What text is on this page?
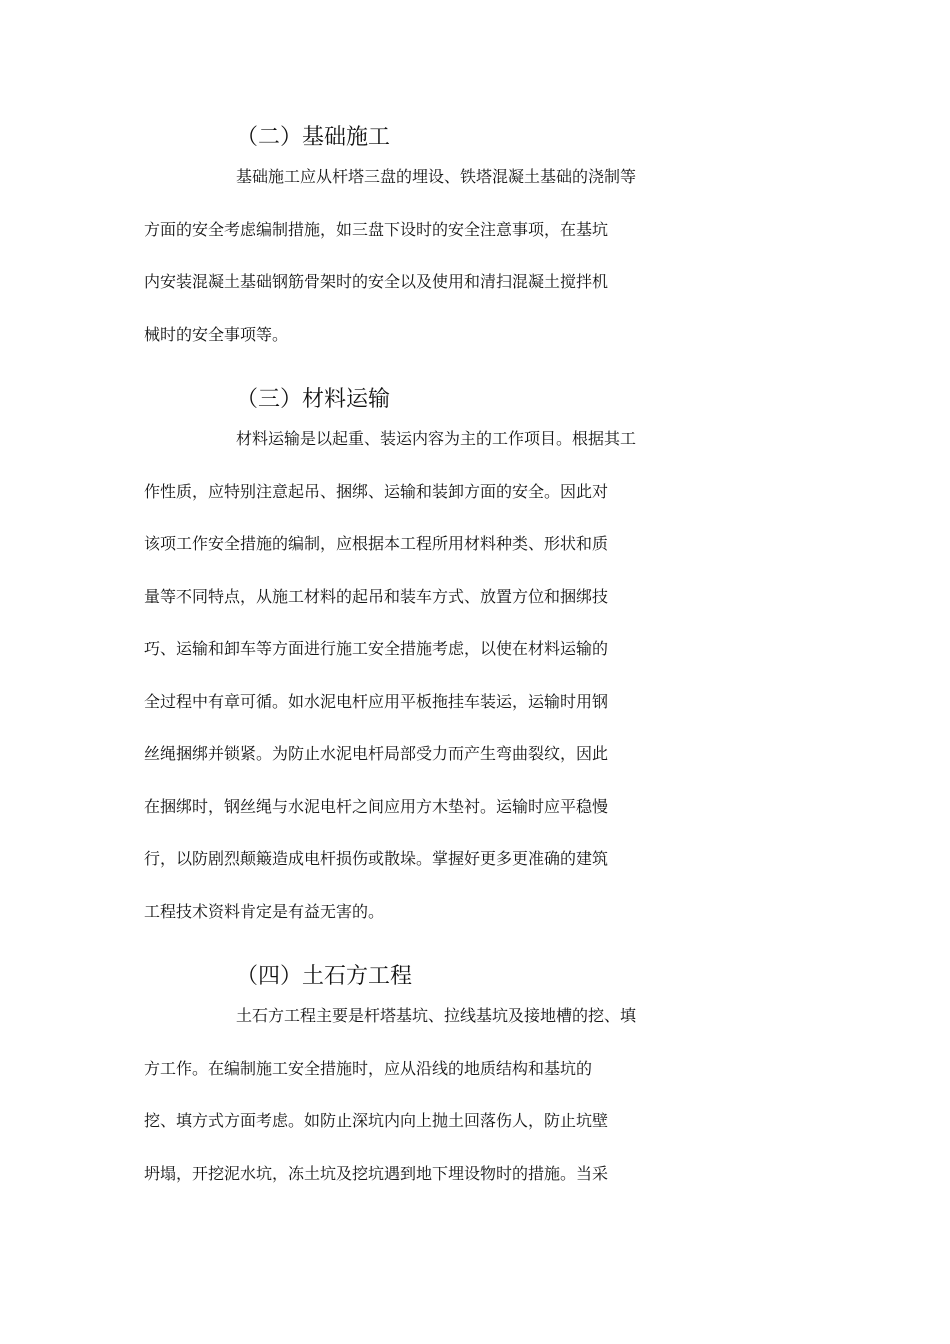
（二）基础施工
基础施工应从杆塔三盘的埋设、铁塔混凝土基础的浇制等
方面的安全考虑编制措施，如三盘下设时的安全注意事项，在基坑
内安装混凝土基础钢筋骨架时的安全以及使用和清扫混凝土搅拌机
械时的安全事项等。
（三）材料运输
材料运输是以起重、装运内容为主的工作项目。根据其工
作性质，应特别注意起吊、捆绑、运输和装卸方面的安全。因此对
该项工作安全措施的编制，应根据本工程所用材料种类、形状和质
量等不同特点，从施工材料的起吊和装车方式、放置方位和捆绑技
巧、运输和卸车等方面进行施工安全措施考虑，以使在材料运输的
全过程中有章可循。如水泥电杆应用平板拖挂车装运，运输时用钢
丝绳捆绑并锁紧。为防止水泥电杆局部受力而产生弯曲裂纹，因此
在捆绑时，钢丝绳与水泥电杆之间应用方木垫衬。运输时应平稳慢
行，以防剧烈颠簸造成电杆损伤或散垛。掌握好更多更准确的建筑
工程技术资料肯定是有益无害的。
（四）土石方工程
土石方工程主要是杆塔基坑、拉线基坑及接地槽的挖、填
方工作。在编制施工安全措施时，应从沿线的地质结构和基坑的
挖、填方式方面考虑。如防止深坑内向上抛土回落伤人，防止坑壁
坍塌，开挖泥水坑，冻土坑及挖坑遇到地下埋设物时的措施。当采
